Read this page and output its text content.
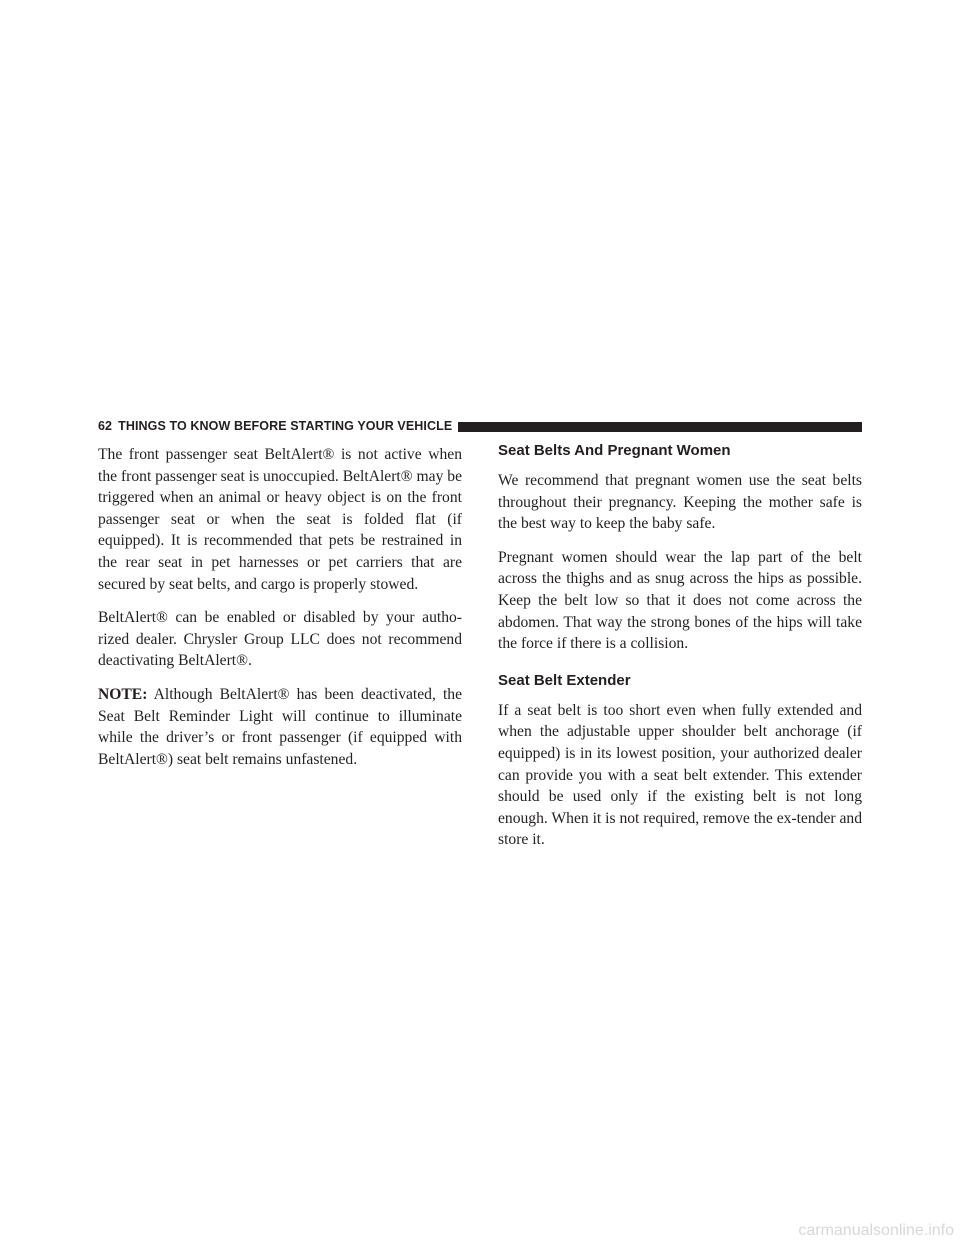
62 THINGS TO KNOW BEFORE STARTING YOUR VEHICLE

The front passenger seat BeltAlert® is not active when the front passenger seat is unoccupied. BeltAlert® may be triggered when an animal or heavy object is on the front passenger seat or when the seat is folded flat (if equipped). It is recommended that pets be restrained in the rear seat in pet harnesses or pet carriers that are secured by seat belts, and cargo is properly stowed.

BeltAlert® can be enabled or disabled by your autho-rized dealer. Chrysler Group LLC does not recommend deactivating BeltAlert®.

NOTE: Although BeltAlert® has been deactivated, the Seat Belt Reminder Light will continue to illuminate while the driver’s or front passenger (if equipped with BeltAlert®) seat belt remains unfastened.

Seat Belts And Pregnant Women

We recommend that pregnant women use the seat belts throughout their pregnancy. Keeping the mother safe is the best way to keep the baby safe.

Pregnant women should wear the lap part of the belt across the thighs and as snug across the hips as possible. Keep the belt low so that it does not come across the abdomen. That way the strong bones of the hips will take the force if there is a collision.

Seat Belt Extender

If a seat belt is too short even when fully extended and when the adjustable upper shoulder belt anchorage (if equipped) is in its lowest position, your authorized dealer can provide you with a seat belt extender. This extender should be used only if the existing belt is not long enough. When it is not required, remove the ex-tender and store it.

carmanualsonline.info
